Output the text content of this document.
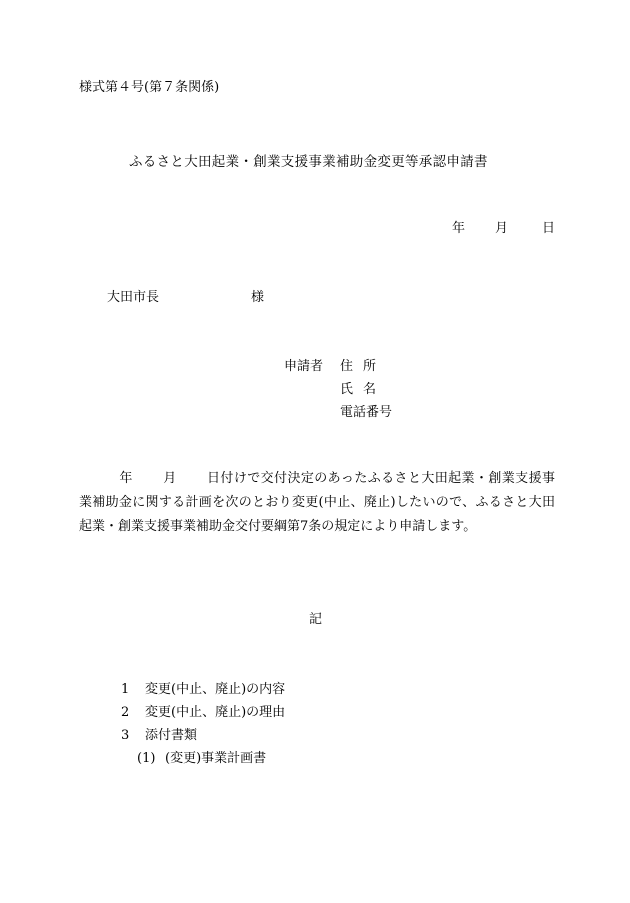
様式第４号(第７条関係)
ふるさと大田起業・創業支援事業補助金変更等承認申請書
年 月	日
大田市長	様
申請者 住所
氏名
電話番号
年 月 日付けで交付決定のあったふるさと大田起業・創業支援事業補助金に関する計画を次のとおり変更(中止、廃止)したいので、ふるさと大田起業・創業支援事業補助金交付要綱第7条の規定により申請します。
記
1 変更(中止、廃止)の内容
2 変更(中止、廃止)の理由
3 添付書類
(1) (変更)事業計画書
